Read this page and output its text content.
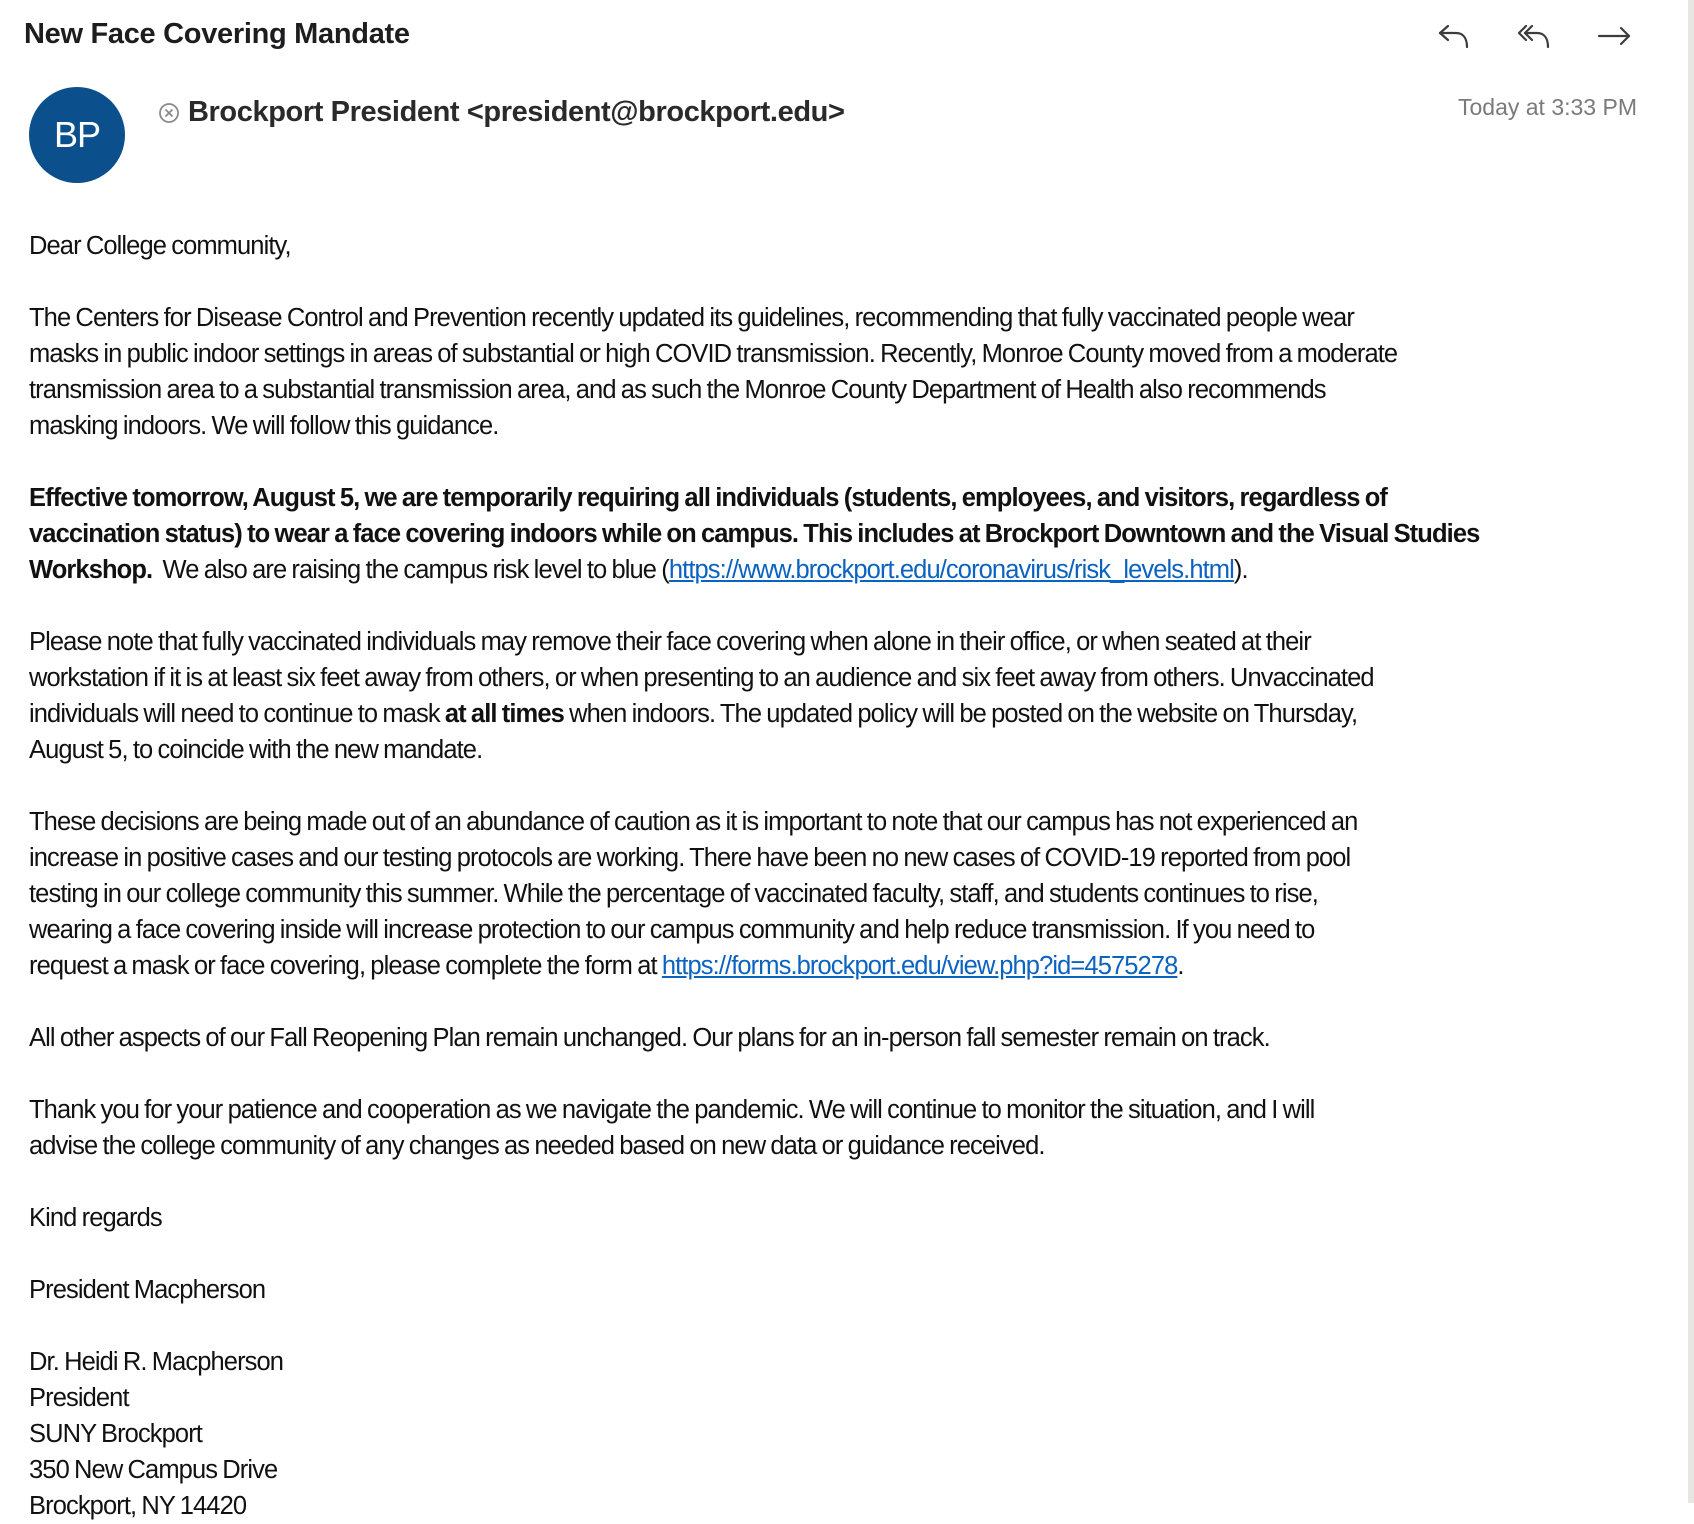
New Face Covering Mandate
BP
Brockport President <president@brockport.edu>	Today at 3:33 PM
Dear College community,
The Centers for Disease Control and Prevention recently updated its guidelines, recommending that fully vaccinated people wear
masks in public indoor settings in areas of substantial or high COVID transmission. Recently, Monroe County moved from a moderate
transmission area to a substantial transmission area, and as such the Monroe County Department of Health also recommends
masking indoors. We will follow this guidance.
Effective tomorrow, August 5, we are temporarily requiring all individuals (students, employees, and visitors, regardless of
vaccination status) to wear a face covering indoors while on campus. This includes at Brockport Downtown and the Visual Studies
Workshop.  We also are raising the campus risk level to blue (https://www.brockport.edu/coronavirus/risk_levels.html).
Please note that fully vaccinated individuals may remove their face covering when alone in their office, or when seated at their
workstation if it is at least six feet away from others, or when presenting to an audience and six feet away from others. Unvaccinated
individuals will need to continue to mask at all times when indoors. The updated policy will be posted on the website on Thursday,
August 5, to coincide with the new mandate.
These decisions are being made out of an abundance of caution as it is important to note that our campus has not experienced an
increase in positive cases and our testing protocols are working. There have been no new cases of COVID-19 reported from pool
testing in our college community this summer. While the percentage of vaccinated faculty, staff, and students continues to rise,
wearing a face covering inside will increase protection to our campus community and help reduce transmission. If you need to
request a mask or face covering, please complete the form at https://forms.brockport.edu/view.php?id=4575278.
All other aspects of our Fall Reopening Plan remain unchanged. Our plans for an in-person fall semester remain on track.
Thank you for your patience and cooperation as we navigate the pandemic. We will continue to monitor the situation, and I will
advise the college community of any changes as needed based on new data or guidance received.
Kind regards
President Macpherson
Dr. Heidi R. Macpherson
President
SUNY Brockport
350 New Campus Drive
Brockport, NY 14420
